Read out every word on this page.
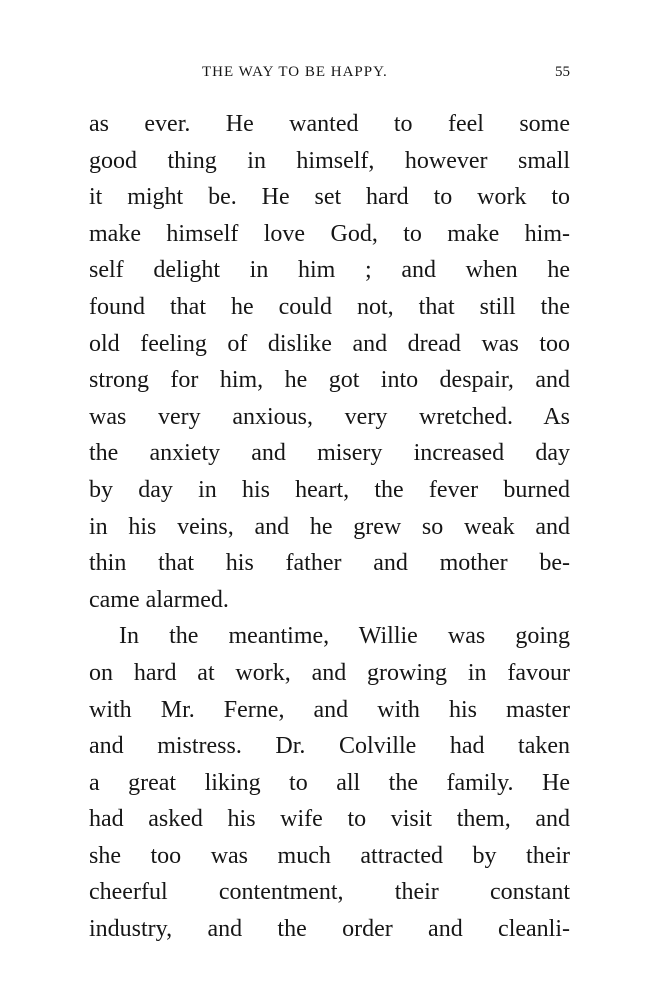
THE WAY TO BE HAPPY.	55
as ever. He wanted to feel some
good thing in himself, however small
it might be. He set hard to work to
make himself love God, to make him-
self delight in him ; and when he
found that he could not, that still the
old feeling of dislike and dread was too
strong for him, he got into despair, and
was very anxious, very wretched. As
the anxiety and misery increased day
by day in his heart, the fever burned
in his veins, and he grew so weak and
thin that his father and mother be-
came alarmed.
In the meantime, Willie was going
on hard at work, and growing in favour
with Mr. Ferne, and with his master
and mistress. Dr. Colville had taken
a great liking to all the family. He
had asked his wife to visit them, and
she too was much attracted by their
cheerful contentment, their constant
industry, and the order and cleanli-
